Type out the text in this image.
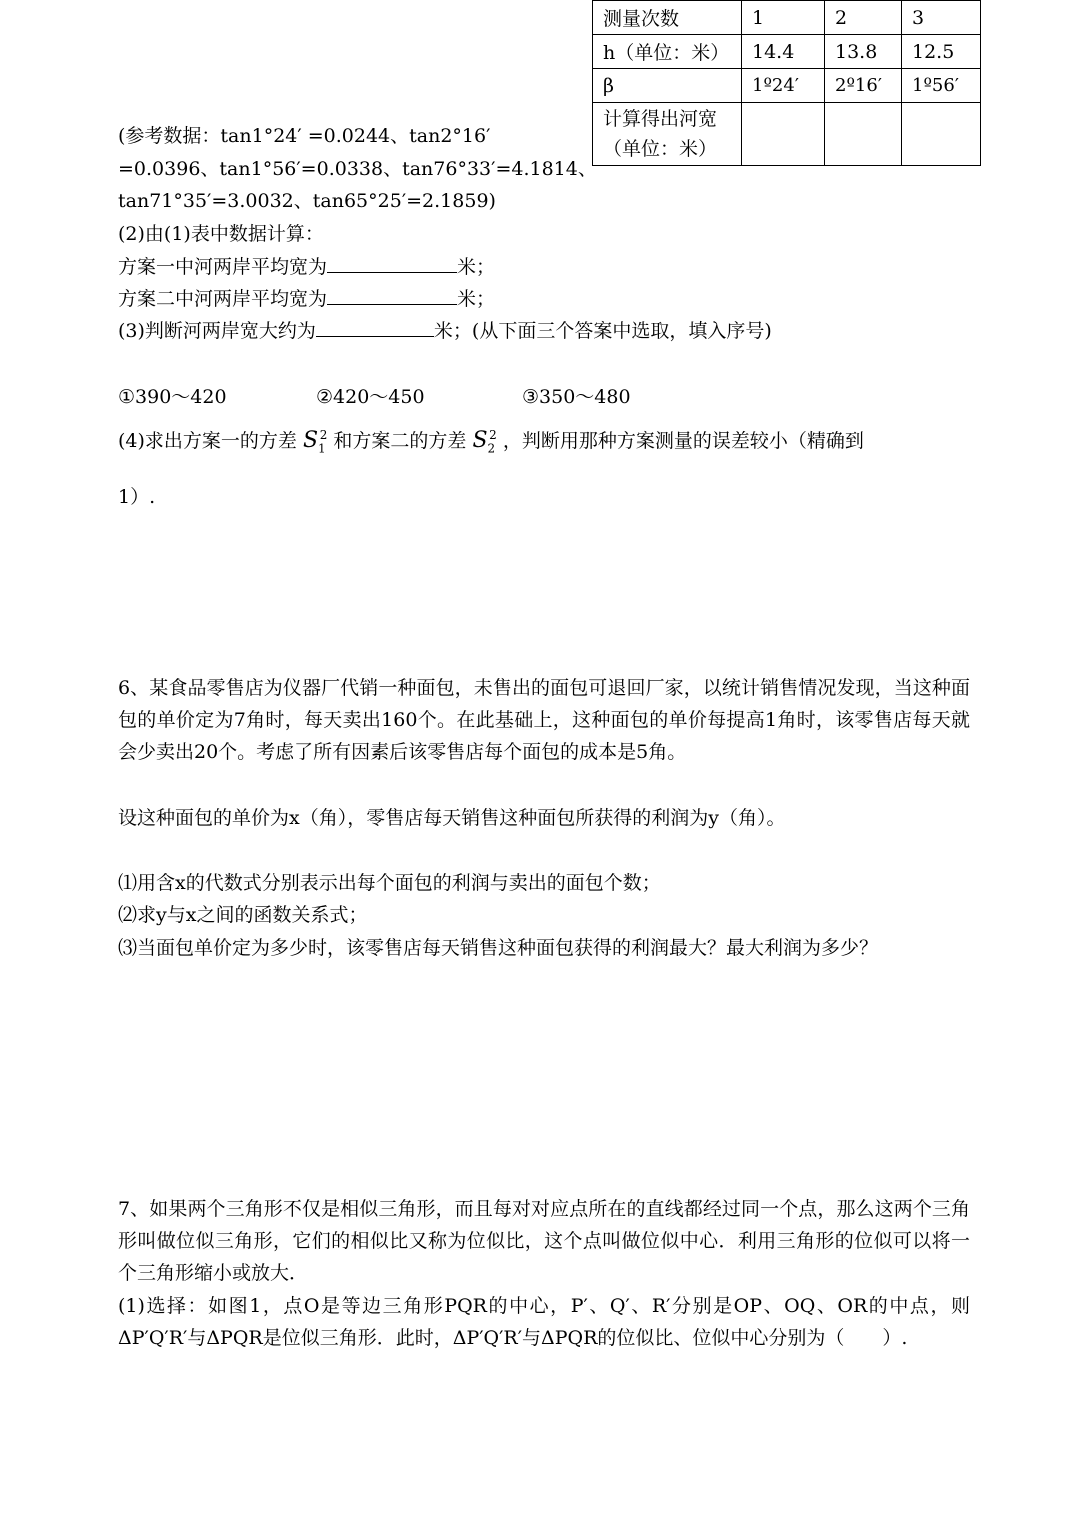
测量次数	1	2	3
h（单位：米）	14.4	13.8	12.5
β	1º24′	2º16′	1º56′
计算得出河宽（单位：米）			
(参考数据：tan1°24′ =0.0244、tan2°16′
=0.0396、tan1°56′=0.0338、tan76°33′=4.1814、
tan71°35′=3.0032、tan65°25′=2.1859)
(2)由(1)表中数据计算：
方案一中河两岸平均宽为	米；
方案二中河两岸平均宽为	米；
(3)判断河两岸宽大约为	米；(从下面三个答案中选取，填入序号)
①390～420	②420～450	③350～480
(4)求出方案一的方差 $S_1^2$ 和方案二的方差 $S_2^2$ ，判断用那种方案测量的误差较小（精确到
1）.
6、某食品零售店为仪器厂代销一种面包，未售出的面包可退回厂家，以统计销售情况发现，当这种面包的单价定为7角时，每天卖出160个。在此基础上，这种面包的单价每提高1角时，该零售店每天就会少卖出20个。考虑了所有因素后该零售店每个面包的成本是5角。
设这种面包的单价为x（角），零售店每天销售这种面包所获得的利润为y（角）。
⑴用含x的代数式分别表示出每个面包的利润与卖出的面包个数；
⑵求y与x之间的函数关系式；
⑶当面包单价定为多少时，该零售店每天销售这种面包获得的利润最大？最大利润为多少？
7、如果两个三角形不仅是相似三角形，而且每对对应点所在的直线都经过同一个点，那么这两个三角形叫做位似三角形，它们的相似比又称为位似比，这个点叫做位似中心．利用三角形的位似可以将一个三角形缩小或放大．
(1)选择：如图1，点O是等边三角形PQR的中心，P′、Q′、R′分别是OP、OQ、OR的中点，则ΔP′Q′R′与ΔPQR是位似三角形．此时，ΔP′Q′R′与ΔPQR的位似比、位似中心分别为（　　）.
